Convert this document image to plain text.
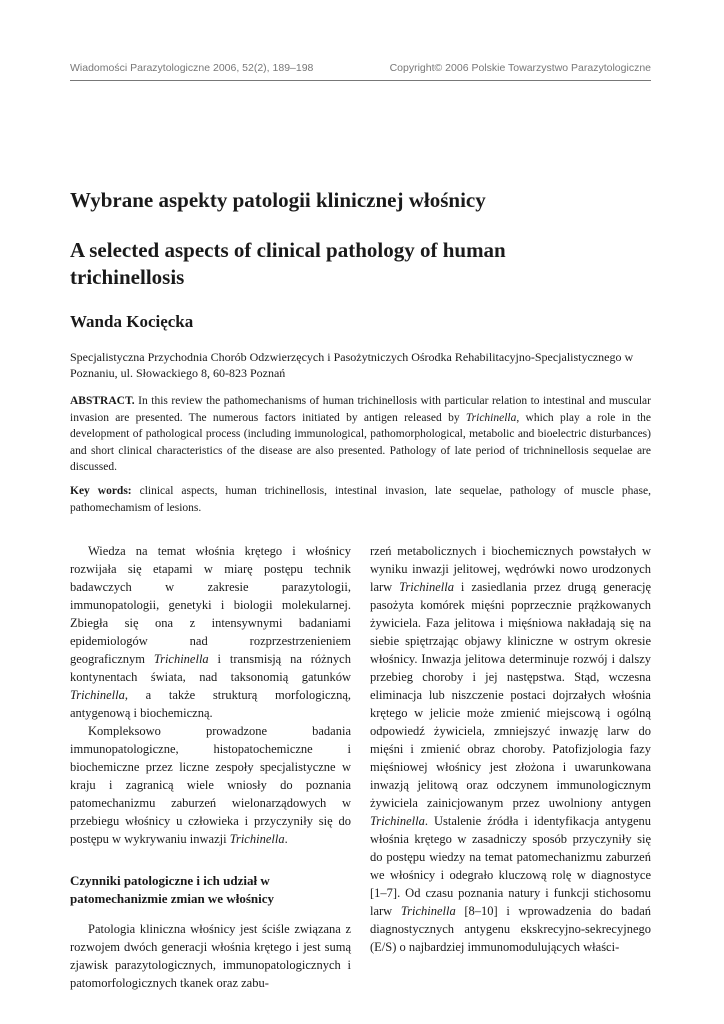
Wiadomości Parazytologiczne 2006, 52(2), 189–198	Copyright© 2006 Polskie Towarzystwo Parazytologiczne
Wybrane aspekty patologii klinicznej włośnicy
A selected aspects of clinical pathology of human trichinellosis
Wanda Kocięcka
Specjalistyczna Przychodnia Chorób Odzwierzęcych i Pasożytniczych Ośrodka Rehabilitacyjno-Specjalistycznego w Poznaniu, ul. Słowackiego 8, 60-823 Poznań

ABSTRACT. In this review the pathomechanisms of human trichinellosis with particular relation to intestinal and muscular invasion are presented. The numerous factors initiated by antigen released by Trichinella, which play a role in the development of pathological process (including immunological, pathomorphological, metabolic and bioelectric disturbances) and short clinical characteristics of the disease are also presented. Pathology of late period of trichninellosis sequelae are discussed.

Key words: clinical aspects, human trichinellosis, intestinal invasion, late sequelae, pathology of muscle phase, pathomechamism of lesions.

Wiedza na temat włośnia krętego i włośnicy rozwijała się etapami w miarę postępu technik badawczych w zakresie parazytologii, immunopatologii, genetyki i biologii molekularnej. Zbiegła się ona z intensywnymi badaniami epidemiologów nad rozprzestrzenieniem geograficznym Trichinella i transmisją na różnych kontynentach świata, nad taksonomią gatunków Trichinella, a także strukturą morfologiczną, antygenową i biochemiczną.

Kompleksowo prowadzone badania immunopatologiczne, histopatochemiczne i biochemiczne przez liczne zespoły specjalistyczne w kraju i zagranicą wiele wniosły do poznania patomechanizmu zaburzeń wielonarządowych w przebiegu włośnicy u człowieka i przyczyniły się do postępu w wykrywaniu inwazji Trichinella.

Czynniki patologiczne i ich udział w patomechanizmie zmian we włośnicy

Patologia kliniczna włośnicy jest ściśle związana z rozwojem dwóch generacji włośnia krętego i jest sumą zjawisk parazytologicznych, immunopatologicznych i patomorfologicznych tkanek oraz zabu-

rzeń metabolicznych i biochemicznych powstałych w wyniku inwazji jelitowej, wędrówki nowo urodzonych larw Trichinella i zasiedlania przez drugą generację pasożyta komórek mięśni poprzecznie prążkowanych żywiciela. Faza jelitowa i mięśniowa nakładają się na siebie spiętrzając objawy kliniczne w ostrym okresie włośnicy. Inwazja jelitowa determinuje rozwój i dalszy przebieg choroby i jej następstwa. Stąd, wczesna eliminacja lub niszczenie postaci dojrzałych włośnia krętego w jelicie może zmienić miejscową i ogólną odpowiedź żywiciela, zmniejszyć inwazję larw do mięśni i zmienić obraz choroby. Patofizjologia fazy mięśniowej włośnicy jest złożona i uwarunkowana inwazją jelitową oraz odczynem immunologicznym żywiciela zainicjowanym przez uwolniony antygen Trichinella. Ustalenie źródła i identyfikacja antygenu włośnia krętego w zasadniczy sposób przyczyniły się do postępu wiedzy na temat patomechanizmu zaburzeń we włośnicy i odegrało kluczową rolę w diagnostyce [1–7]. Od czasu poznania natury i funkcji stichosomu larw Trichinella [8–10] i wprowadzenia do badań diagnostycznych antygenu ekskrecyjno-sekrecyjnego (E/S) o najbardziej immunomodulujących właści-
